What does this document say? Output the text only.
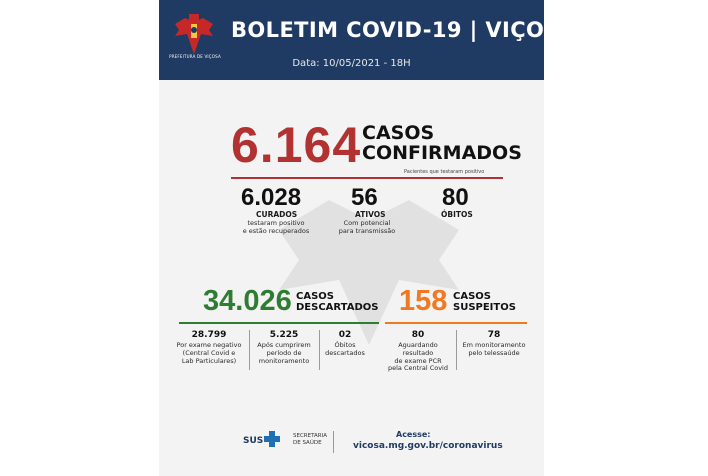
PREFEITURA DE VIÇOSA
BOLETIM COVID-19 | VIÇOSA (MG)
Data: 10/05/2021 - 18H
6.164 CASOS
CONFIRMADOS
Pacientes que testaram positivo
6.028
CURADOS
testaram positivo
e estão recuperados
56
ATIVOS
Com potencial
para transmissão
80
ÓBITOS
34.026 CASOS
DESCARTADOS 158 CASOS
SUSPEITOS
28.799
Por exame negativo
(Central Covid e
Lab Particulares)
5.225
Após cumprirem
período de
monitoramento
02
Óbitos
descartados
80
Aguardando resultado
de exame PCR
pela Central Covid
78
Em monitoramento
pelo telessaúde
SUS	SECRETARIA
DE SAÚDE
Acesse:
vicosa.mg.gov.br/coronavirus
